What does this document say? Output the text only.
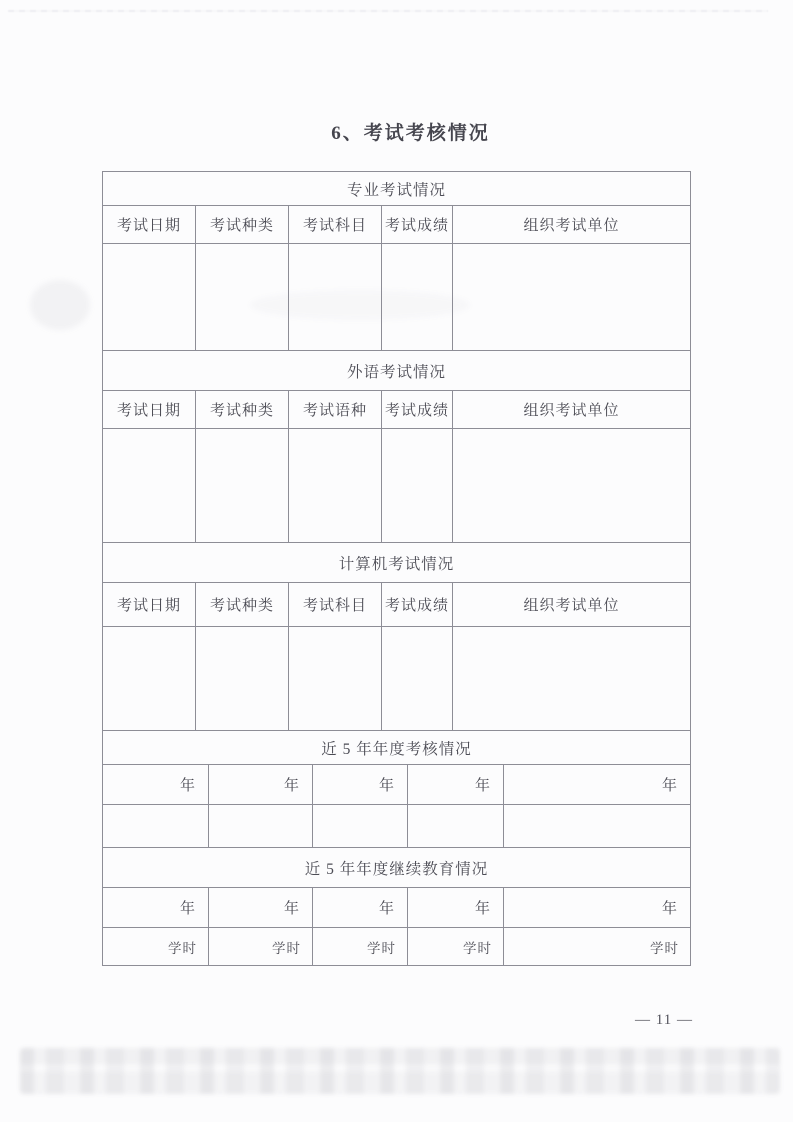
6、考试考核情况
专业考试情况
考试日期	考试种类	考试科目	考试成绩	组织考试单位
外语考试情况
考试日期	考试种类	考试语种	考试成绩	组织考试单位
计算机考试情况
考试日期	考试种类	考试科目	考试成绩	组织考试单位
近 5 年年度考核情况
年	年	年	年	年
近 5 年年度继续教育情况
年	年	年	年	年
学时	学时	学时	学时	学时
— 11 —
